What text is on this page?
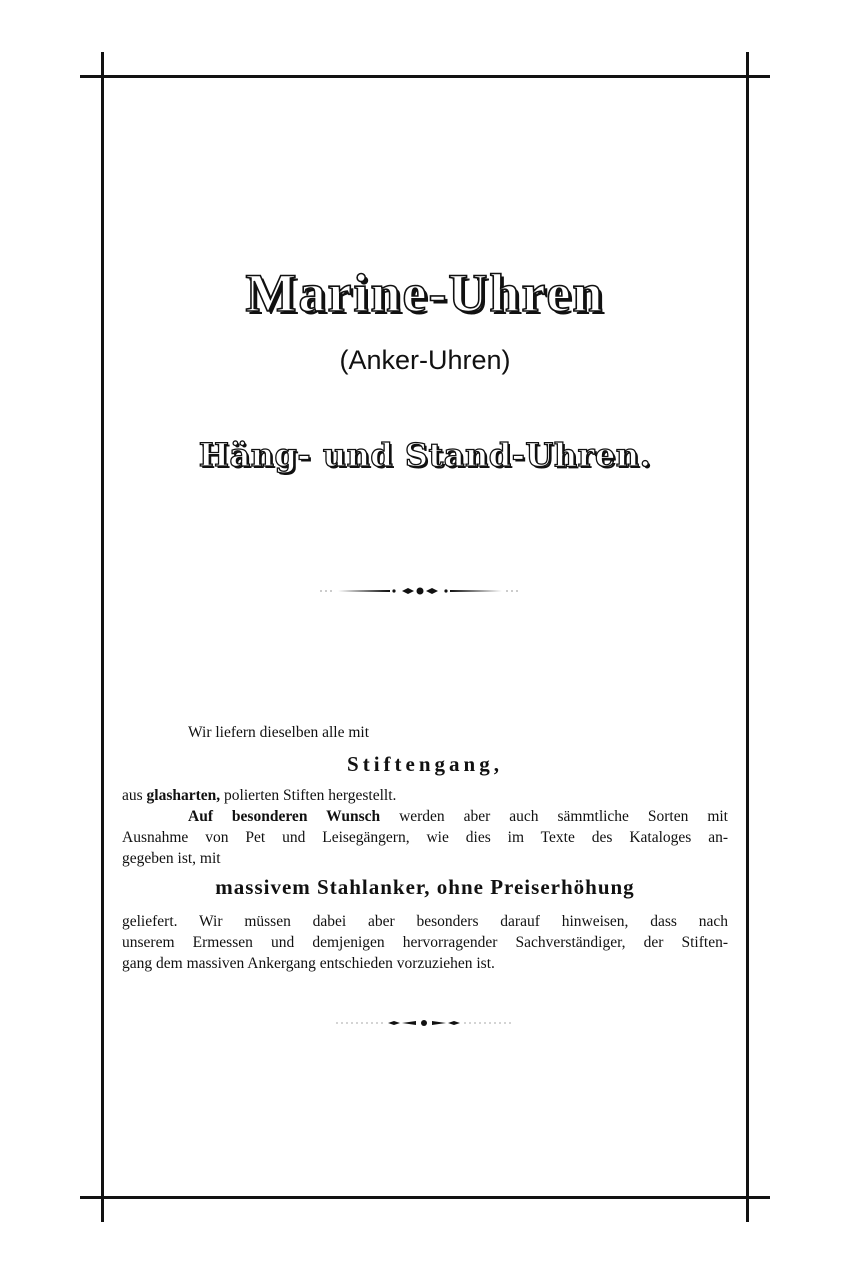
Marine-Uhren
(Anker-Uhren)
Häng- und Stand-Uhren.
Wir liefern dieselben alle mit
Stiftengang,
aus glasharten, polierten Stiften hergestellt.
Auf besonderen Wunsch werden aber auch sämmtliche Sorten mit
Ausnahme von Pet und Leisegängern, wie dies im Texte des Kataloges an-
gegeben ist, mit
massivem Stahlanker, ohne Preiserhöhung
geliefert. Wir müssen dabei aber besonders darauf hinweisen, dass nach
unserem Ermessen und demjenigen hervorragender Sachverständiger, der Stiften-
gang dem massiven Ankergang entschieden vorzuziehen ist.
